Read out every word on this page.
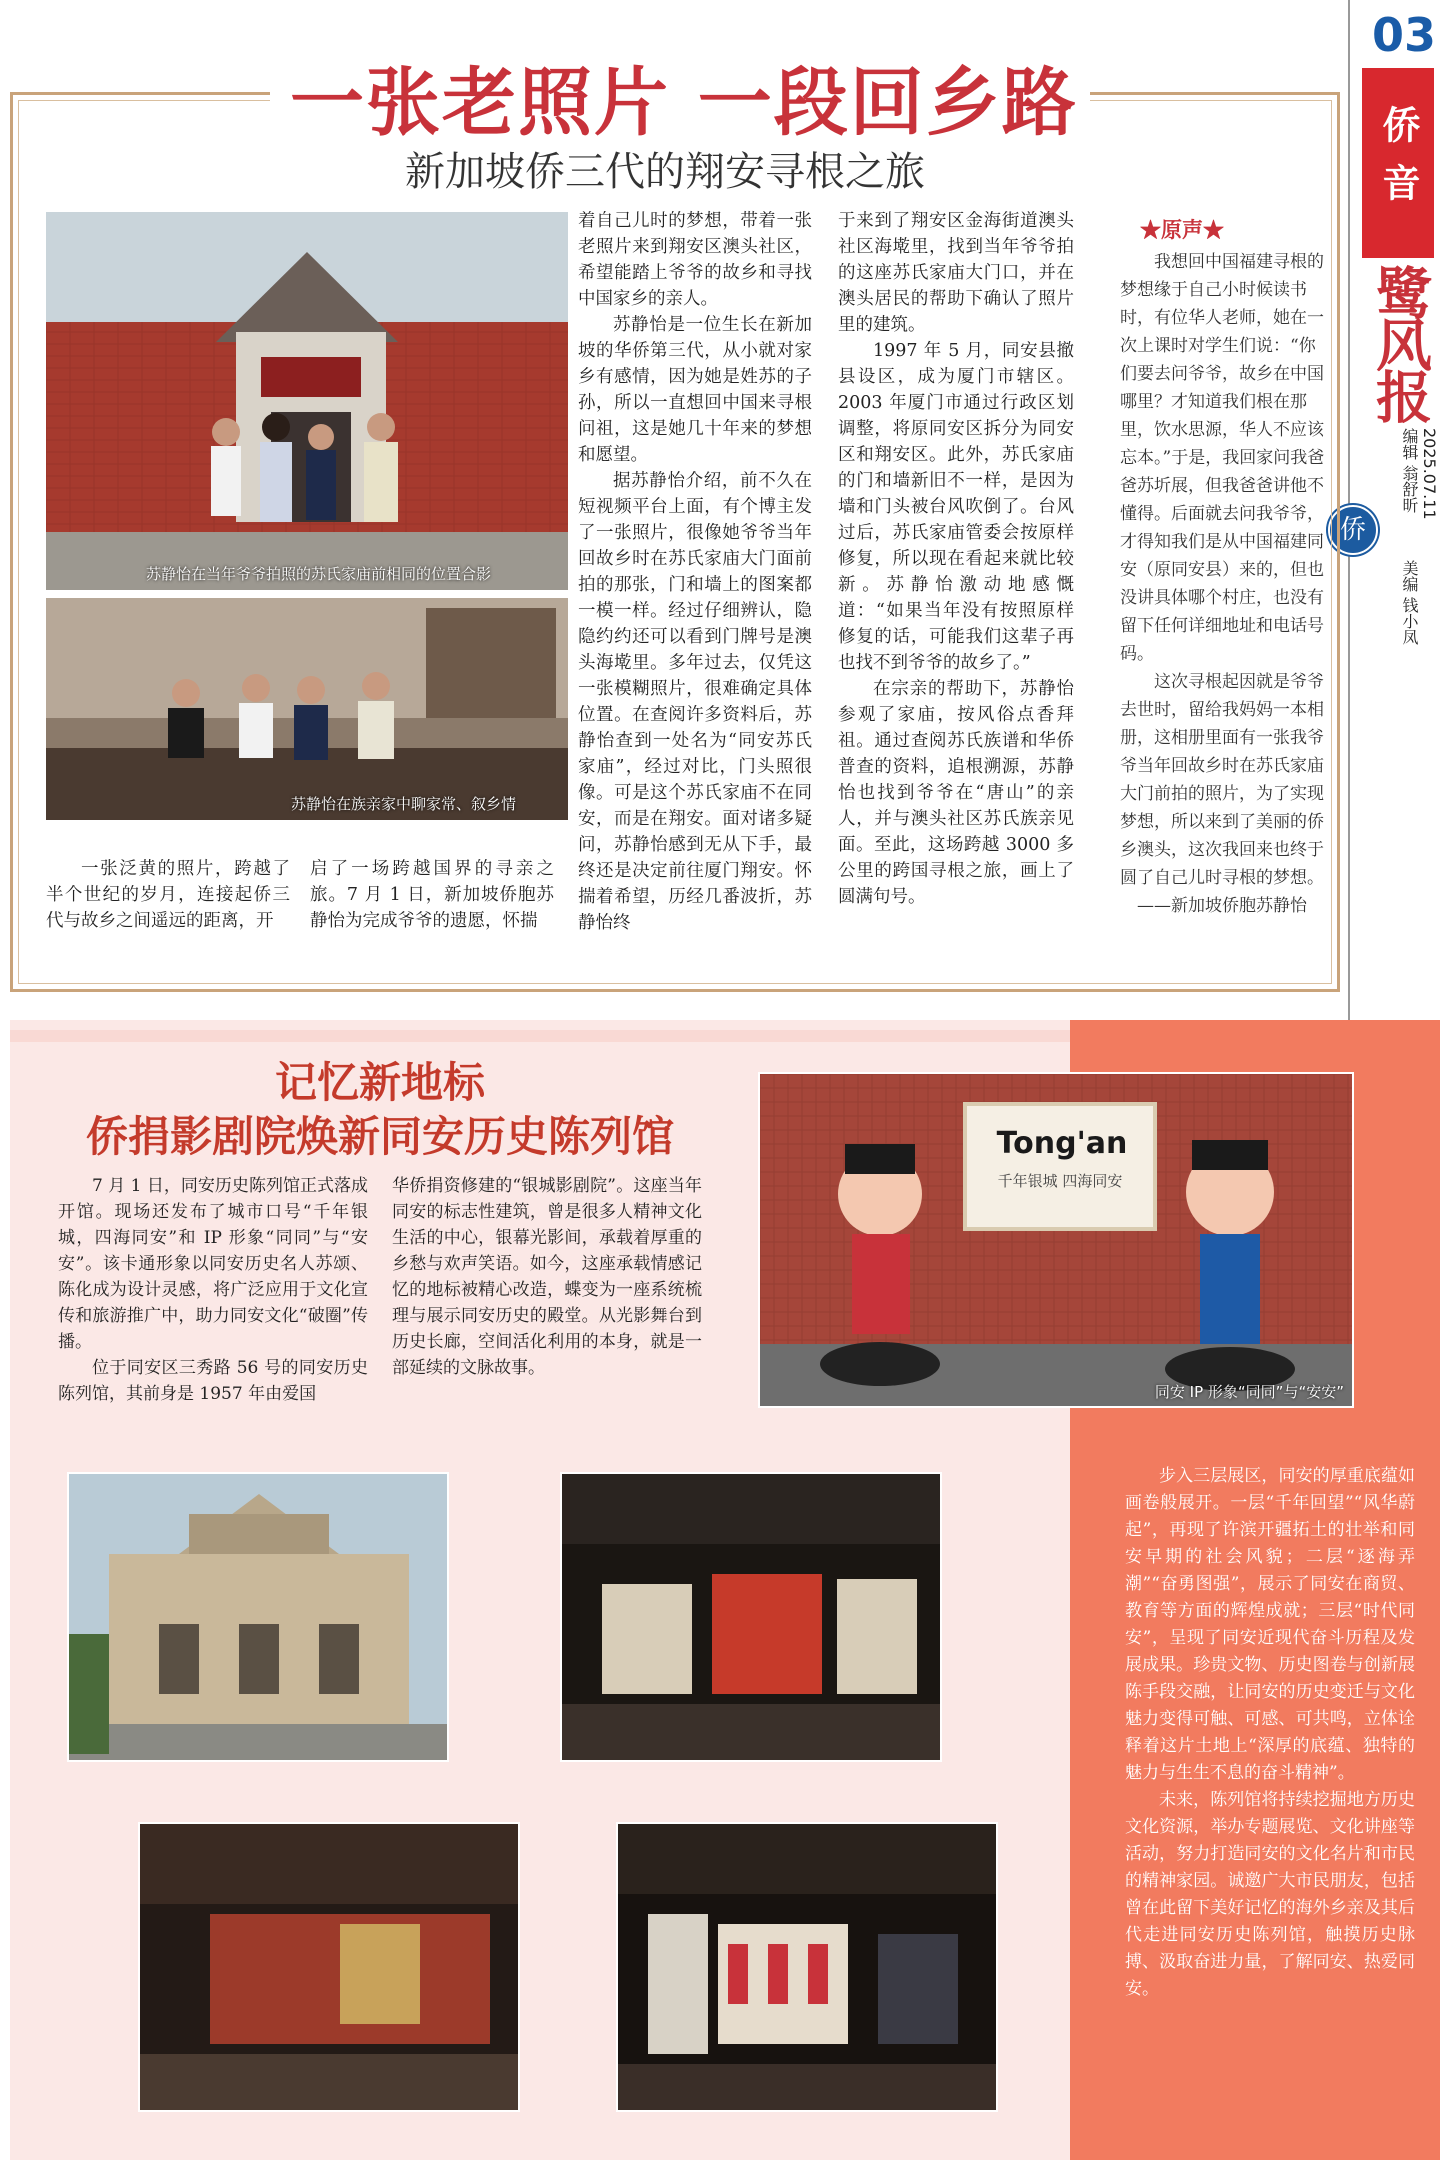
03
侨音
鹭风报
侨
2025.07.11
编辑 翁舒昕
美编 钱小凤
一张老照片 一段回乡路
新加坡侨三代的翔安寻根之旅
苏静怡在当年爷爷拍照的苏氏家庙前相同的位置合影
苏静怡在族亲家中聊家常、叙乡情

一张泛黄的照片，跨越了半个世纪的岁月，连接起侨三代与故乡之间遥远的距离，开

启了一场跨越国界的寻亲之旅。7 月 1 日，新加坡侨胞苏静怡为完成爷爷的遗愿，怀揣

着自己儿时的梦想，带着一张老照片来到翔安区澳头社区，希望能踏上爷爷的故乡和寻找中国家乡的亲人。

苏静怡是一位生长在新加坡的华侨第三代，从小就对家乡有感情，因为她是姓苏的子孙，所以一直想回中国来寻根问祖，这是她几十年来的梦想和愿望。

据苏静怡介绍，前不久在短视频平台上面，有个博主发了一张照片，很像她爷爷当年回故乡时在苏氏家庙大门面前拍的那张，门和墙上的图案都一模一样。经过仔细辨认，隐隐约约还可以看到门牌号是澳头海墘里。多年过去，仅凭这一张模糊照片，很难确定具体位置。在查阅许多资料后，苏静怡查到一处名为“同安苏氏家庙”，经过对比，门头照很像。可是这个苏氏家庙不在同安，而是在翔安。面对诸多疑问，苏静怡感到无从下手，最终还是决定前往厦门翔安。怀揣着希望，历经几番波折，苏静怡终

于来到了翔安区金海街道澳头社区海墘里，找到当年爷爷拍的这座苏氏家庙大门口，并在澳头居民的帮助下确认了照片里的建筑。

1997 年 5 月，同安县撤县设区，成为厦门市辖区。2003 年厦门市通过行政区划调整，将原同安区拆分为同安区和翔安区。此外，苏氏家庙的门和墙新旧不一样，是因为墙和门头被台风吹倒了。台风过后，苏氏家庙管委会按原样修复，所以现在看起来就比较新。苏静怡激动地感慨道：“如果当年没有按照原样修复的话，可能我们这辈子再也找不到爷爷的故乡了。”

在宗亲的帮助下，苏静怡参观了家庙，按风俗点香拜祖。通过查阅苏氏族谱和华侨普查的资料，追根溯源，苏静怡也找到爷爷在“唐山”的亲人，并与澳头社区苏氏族亲见面。至此，这场跨越 3000 多公里的跨国寻根之旅，画上了圆满句号。

★原声★

我想回中国福建寻根的梦想缘于自己小时候读书时，有位华人老师，她在一次上课时对学生们说：“你们要去问爷爷，故乡在中国哪里？才知道我们根在那里，饮水思源，华人不应该忘本。”于是，我回家问我爸爸苏圻展，但我爸爸讲他不懂得。后面就去问我爷爷，才得知我们是从中国福建同安（原同安县）来的，但也没讲具体哪个村庄，也没有留下任何详细地址和电话号码。

这次寻根起因就是爷爷去世时，留给我妈妈一本相册，这相册里面有一张我爷爷当年回故乡时在苏氏家庙大门前拍的照片，为了实现梦想，所以来到了美丽的侨乡澳头，这次我回来也终于圆了自己儿时寻根的梦想。

——新加坡侨胞苏静怡

记忆新地标
侨捐影剧院焕新同安历史陈列馆

7 月 1 日，同安历史陈列馆正式落成开馆。现场还发布了城市口号“千年银城，四海同安”和 IP 形象“同同”与“安安”。该卡通形象以同安历史名人苏颂、陈化成为设计灵感，将广泛应用于文化宣传和旅游推广中，助力同安文化“破圈”传播。

位于同安区三秀路 56 号的同安历史陈列馆，其前身是 1957 年由爱国

华侨捐资修建的“银城影剧院”。这座当年同安的标志性建筑，曾是很多人精神文化生活的中心，银幕光影间，承载着厚重的乡愁与欢声笑语。如今，这座承载情感记忆的地标被精心改造，蝶变为一座系统梳理与展示同安历史的殿堂。从光影舞台到历史长廊，空间活化利用的本身，就是一部延续的文脉故事。

Tong'an
千年银城 四海同安
同安 IP 形象“同同”与“安安”

步入三层展区，同安的厚重底蕴如画卷般展开。一层“千年回望”“风华蔚起”，再现了许滨开疆拓土的壮举和同安早期的社会风貌；二层“逐海弄潮”“奋勇图强”，展示了同安在商贸、教育等方面的辉煌成就；三层“时代同安”，呈现了同安近现代奋斗历程及发展成果。珍贵文物、历史图卷与创新展陈手段交融，让同安的历史变迁与文化魅力变得可触、可感、可共鸣，立体诠释着这片土地上“深厚的底蕴、独特的魅力与生生不息的奋斗精神”。

未来，陈列馆将持续挖掘地方历史文化资源，举办专题展览、文化讲座等活动，努力打造同安的文化名片和市民的精神家园。诚邀广大市民朋友，包括曾在此留下美好记忆的海外乡亲及其后代走进同安历史陈列馆，触摸历史脉搏、汲取奋进力量，了解同安、热爱同安。
